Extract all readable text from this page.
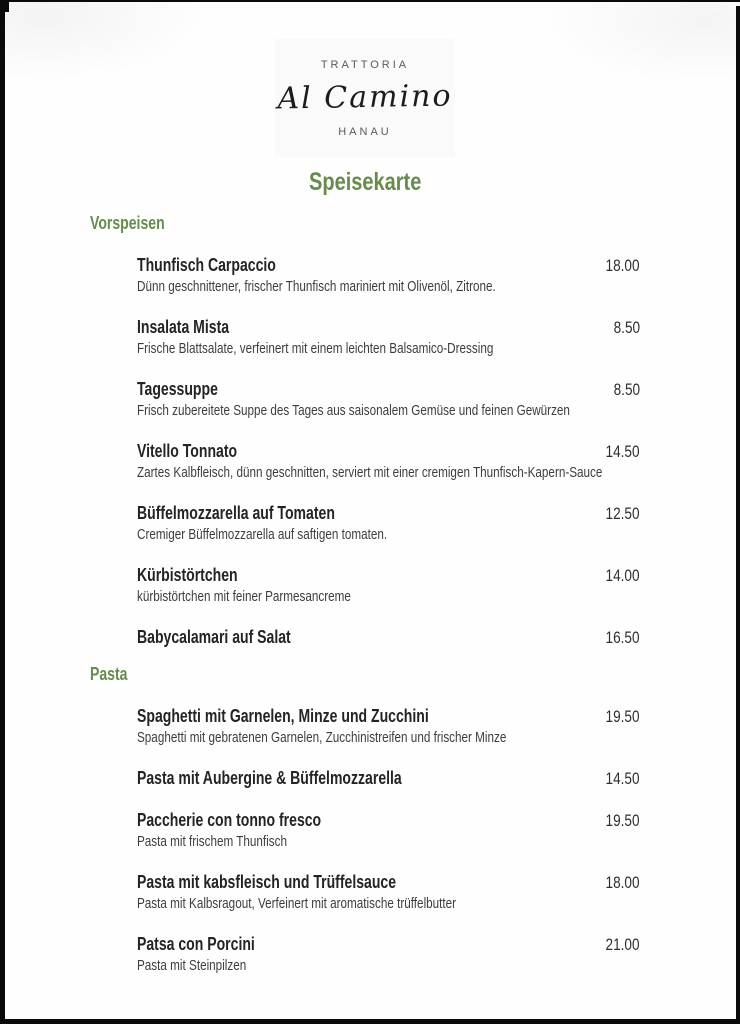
TRATTORIA
Al Camino
HANAU
Speisekarte
Vorspeisen
Thunfisch Carpaccio	18.00
Dünn geschnittener, frischer Thunfisch mariniert mit Olivenöl, Zitrone.
Insalata Mista	8.50
Frische Blattsalate, verfeinert mit einem leichten Balsamico-Dressing
Tagessuppe	8.50
Frisch zubereitete Suppe des Tages aus saisonalem Gemüse und feinen Gewürzen
Vitello Tonnato	14.50
Zartes Kalbfleisch, dünn geschnitten, serviert mit einer cremigen Thunfisch-Kapern-Sauce
Büffelmozzarella auf Tomaten	12.50
Cremiger Büffelmozzarella auf saftigen tomaten.
Kürbistörtchen	14.00
kürbistörtchen mit feiner Parmesancreme
Babycalamari auf Salat	16.50
Pasta
Spaghetti mit Garnelen, Minze und Zucchini	19.50
Spaghetti mit gebratenen Garnelen, Zucchinistreifen und frischer Minze
Pasta mit Aubergine & Büffelmozzarella	14.50
Paccherie con tonno fresco	19.50
Pasta mit frischem Thunfisch
Pasta mit kabsfleisch und Trüffelsauce	18.00
Pasta mit Kalbsragout, Verfeinert mit aromatische trüffelbutter
Patsa con Porcini	21.00
Pasta mit Steinpilzen
